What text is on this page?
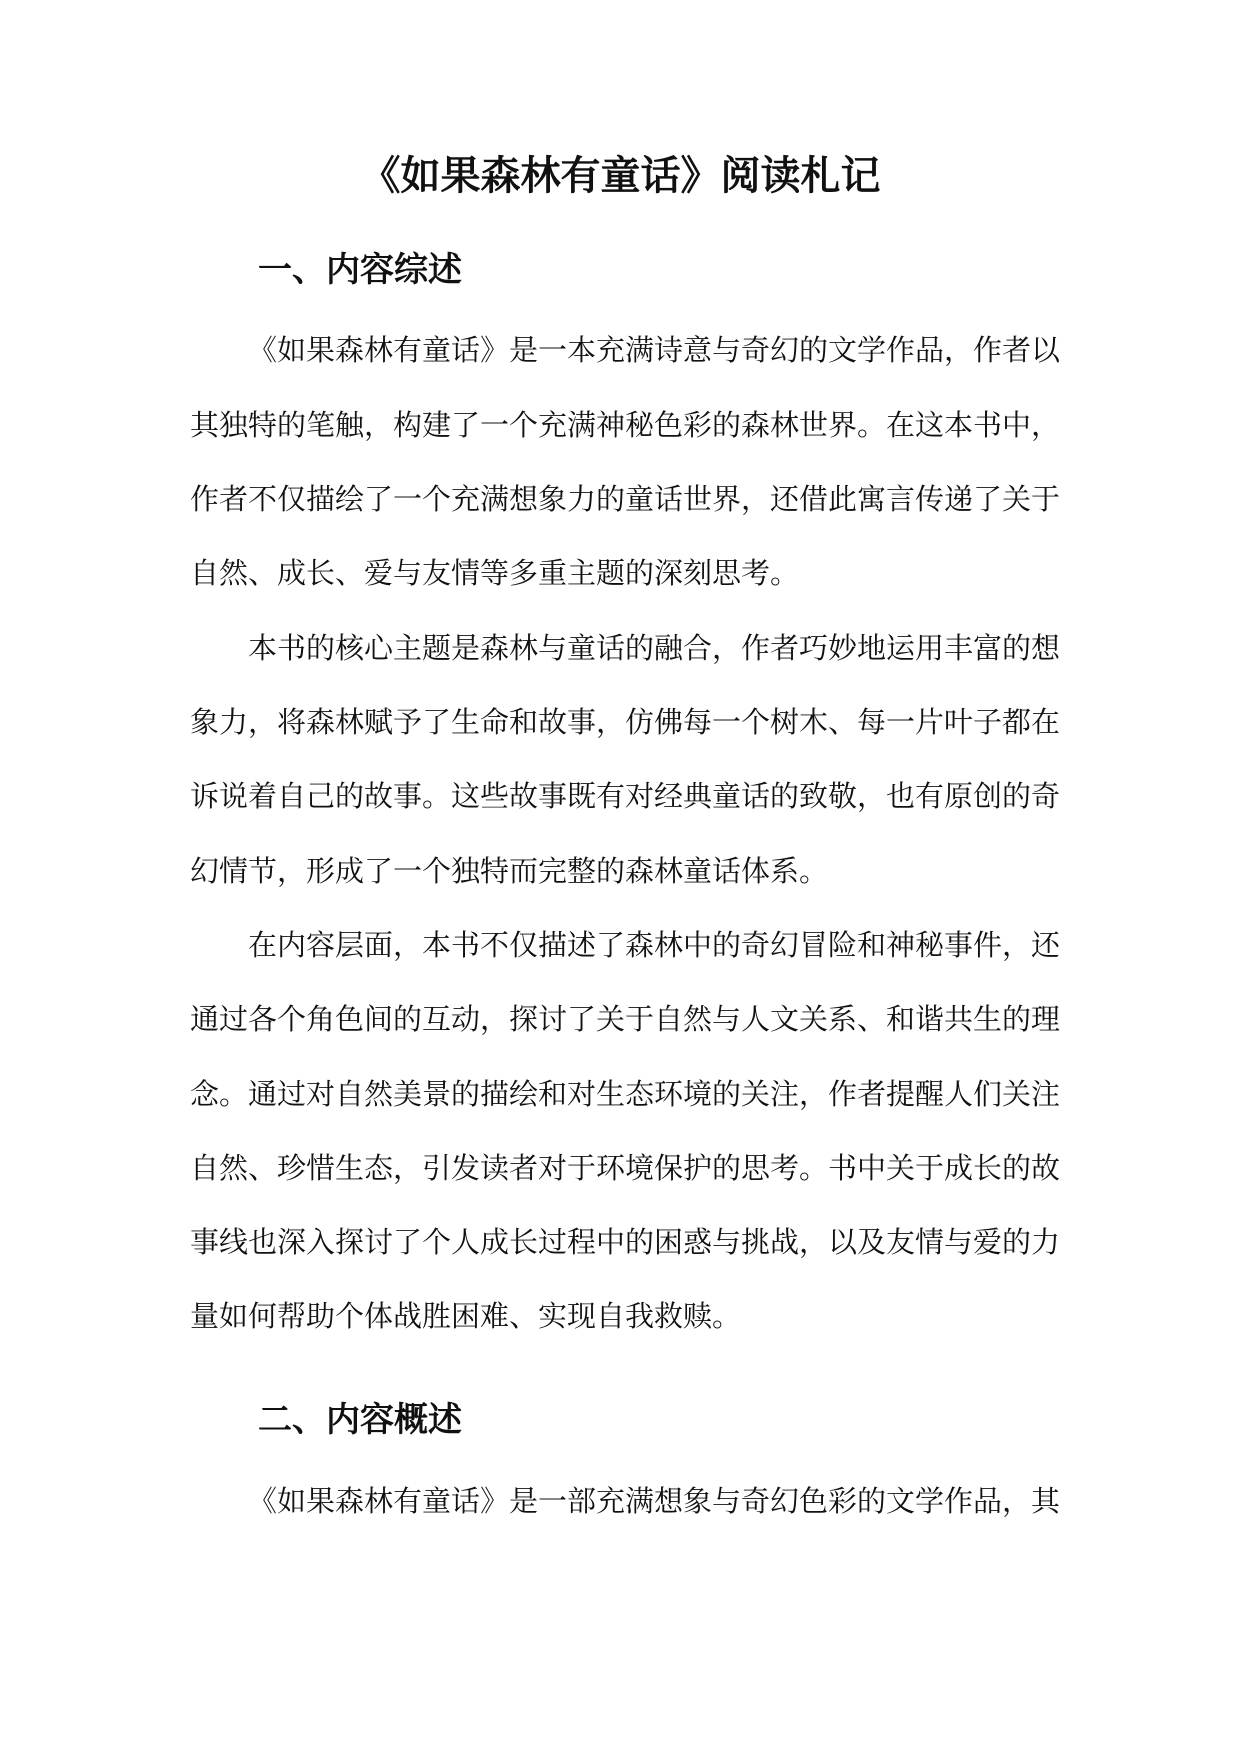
《如果森林有童话》阅读札记
一、内容综述

《如果森林有童话》是一本充满诗意与奇幻的文学作品，作者以

其独特的笔触，构建了一个充满神秘色彩的森林世界。在这本书中，

作者不仅描绘了一个充满想象力的童话世界，还借此寓言传递了关于

自然、成长、爱与友情等多重主题的深刻思考。

本书的核心主题是森林与童话的融合，作者巧妙地运用丰富的想

象力，将森林赋予了生命和故事，仿佛每一个树木、每一片叶子都在

诉说着自己的故事。这些故事既有对经典童话的致敬，也有原创的奇

幻情节，形成了一个独特而完整的森林童话体系。

在内容层面，本书不仅描述了森林中的奇幻冒险和神秘事件，还

通过各个角色间的互动，探讨了关于自然与人文关系、和谐共生的理

念。通过对自然美景的描绘和对生态环境的关注，作者提醒人们关注

自然、珍惜生态，引发读者对于环境保护的思考。书中关于成长的故

事线也深入探讨了个人成长过程中的困惑与挑战，以及友情与爱的力

量如何帮助个体战胜困难、实现自我救赎。

二、内容概述

《如果森林有童话》是一部充满想象与奇幻色彩的文学作品，其
